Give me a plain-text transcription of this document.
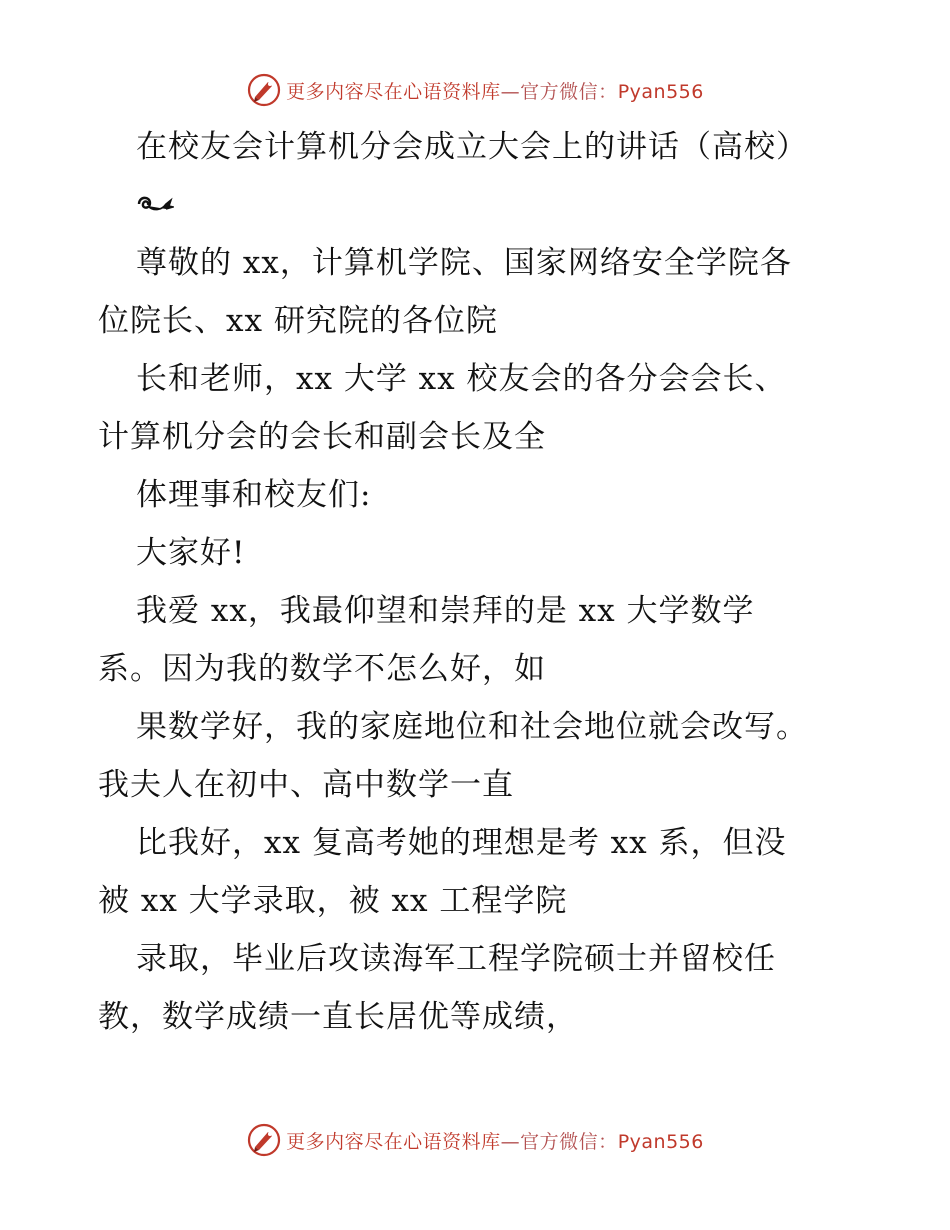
更多内容尽在心语资料库—官方微信：Pyan556
在校友会计算机分会成立大会上的讲话（高校）
尊敬的 xx，计算机学院、国家网络安全学院各
位院长、xx 研究院的各位院
长和老师，xx 大学 xx 校友会的各分会会长、
计算机分会的会长和副会长及全
体理事和校友们:
大家好!
我爱 xx，我最仰望和崇拜的是 xx 大学数学
系。因为我的数学不怎么好，如
果数学好，我的家庭地位和社会地位就会改写。
我夫人在初中、高中数学一直
比我好，xx 复高考她的理想是考 xx 系，但没
被 xx 大学录取，被 xx 工程学院
录取，毕业后攻读海军工程学院硕士并留校任
教，数学成绩一直长居优等成绩，
更多内容尽在心语资料库—官方微信：Pyan556
